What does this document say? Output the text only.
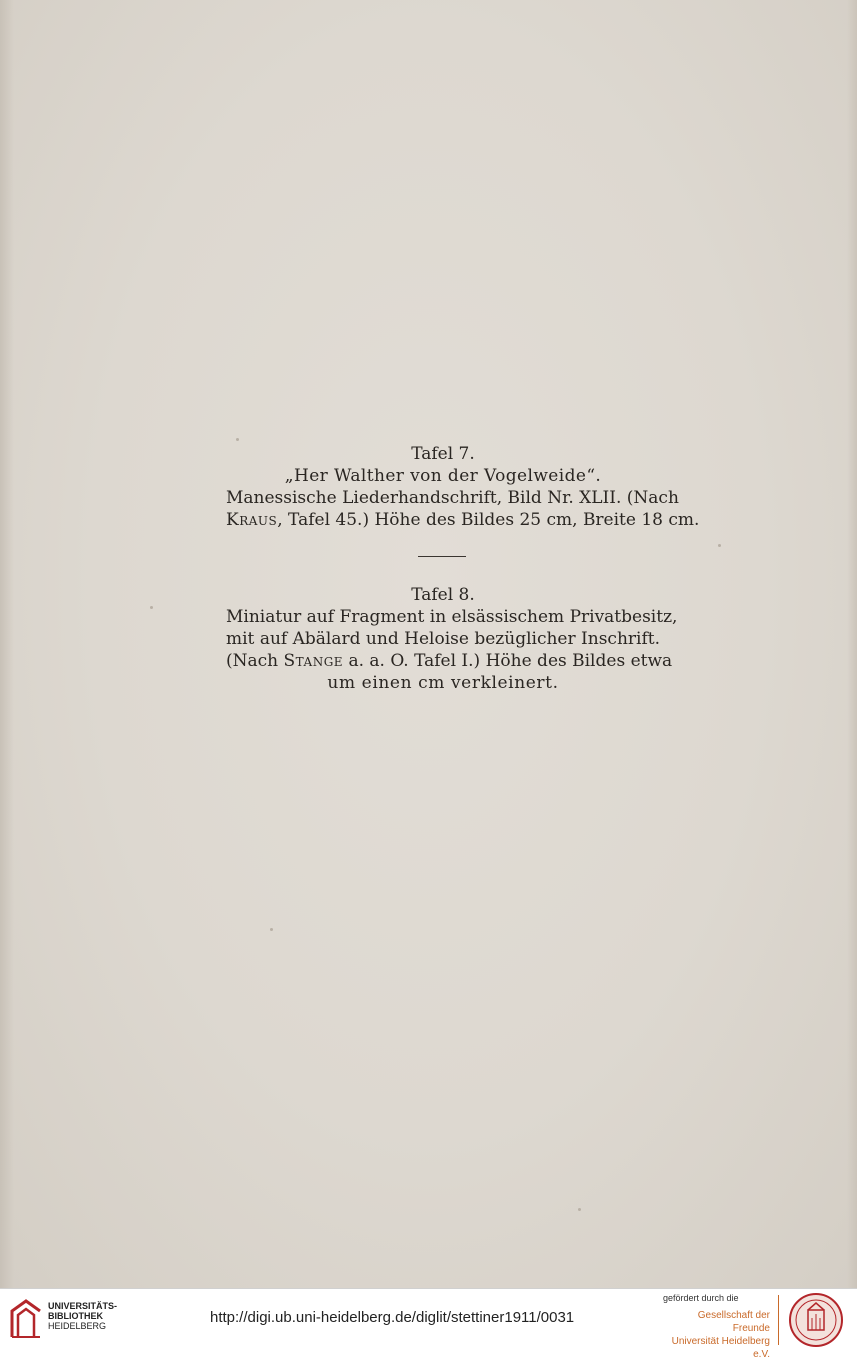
Tafel 7.
„Her Walther von der Vogelweide“.
Manessische Liederhandschrift, Bild Nr. XLII. (Nach
Kraus, Tafel 45.) Höhe des Bildes 25 cm, Breite 18 cm.
Tafel 8.
Miniatur auf Fragment in elsässischem Privatbesitz,
mit auf Abälard und Heloise bezüglicher Inschrift.
(Nach Stange a. a. O. Tafel I.) Höhe des Bildes etwa
um einen cm verkleinert.
UNIVERSITÄTS-
BIBLIOTHEK
HEIDELBERG	http://digi.ub.uni-heidelberg.de/diglit/stettiner1911/0031
gefördert durch die
Gesellschaft der Freunde
Universität Heidelberg e.V.
